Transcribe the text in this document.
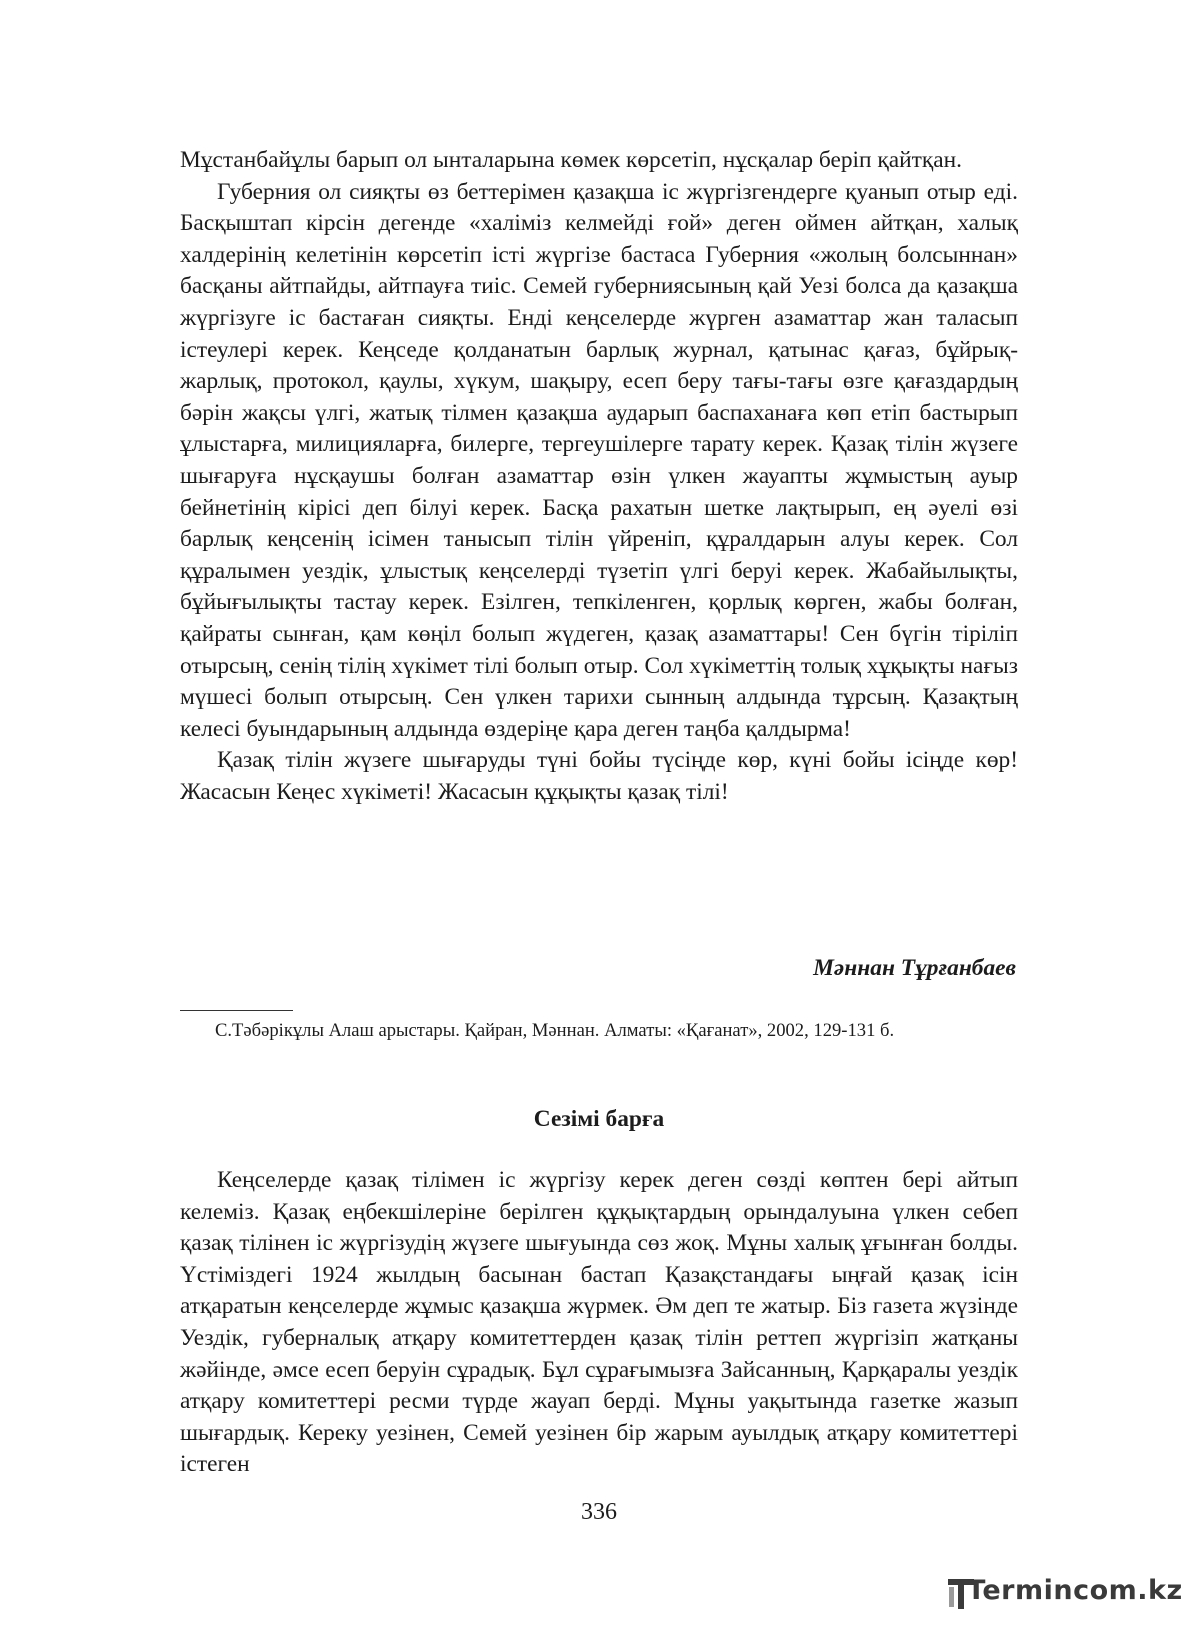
Мұстанбайұлы барып ол ынталарына көмек көрсетіп, нұсқалар беріп қайтқан.

Губерния ол сияқты өз беттерімен қазақша іс жүргізгендерге қуанып отыр еді. Басқыштап кірсін дегенде «халіміз келмейді ғой» деген оймен айтқан, халық халдерінің келетінін көрсетіп істі жүргізе бастаса Губерния «жолың болсыннан» басқаны айтпайды, айтпауға тиіс. Семей губерниясының қай Уезі болса да қазақша жүргізуге іс бастаған сияқты. Енді кеңселерде жүрген азаматтар жан таласып істеулері керек. Кеңседе қолданатын барлық журнал, қатынас қағаз, бұйрық-жарлық, протокол, қаулы, хүкум, шақыру, есеп беру тағы-тағы өзге қағаздардың бәрін жақсы үлгі, жатық тілмен қазақша аударып баспаханаға көп етіп бастырып ұлыстарға, милицияларға, билерге, тергеушілерге тарату керек. Қазақ тілін жүзеге шығаруға нұсқаушы болған азаматтар өзін үлкен жауапты жұмыстың ауыр бейнетінің кірісі деп білуі керек. Басқа рахатын шетке лақтырып, ең әуелі өзі барлық кеңсенің ісімен танысып тілін үйреніп, құралдарын алуы керек. Сол құралымен уездік, ұлыстық кеңселерді түзетіп үлгі беруі керек. Жабайылықты, бұйығылықты тастау керек. Езілген, тепкіленген, қорлық көрген, жабы болған, қайраты сынған, қам көңіл болып жүдеген, қазақ азаматтары! Сен бүгін тіріліп отырсың, сенің тілің хүкімет тілі болып отыр. Сол хүкіметтің толық хұқықты нағыз мүшесі болып отырсың. Сен үлкен тарихи сынның алдында тұрсың. Қазақтың келесі буындарының алдында өздеріңе қара деген таңба қалдырма!

Қазақ тілін жүзеге шығаруды түні бойы түсіңде көр, күні бойы ісіңде көр! Жасасын Кеңес хүкіметі! Жасасын құқықты қазақ тілі!

Мәннан Тұрғанбаев
С.Тәбәрікұлы Алаш арыстары. Қайран, Мәннан. Алматы: «Қағанат», 2002, 129-131 б.
Сезімі барға

Кеңселерде қазақ тілімен іс жүргізу керек деген сөзді көптен бері айтып келеміз. Қазақ еңбекшілеріне берілген құқықтардың орындалуына үлкен себеп қазақ тілінен іс жүргізудің жүзеге шығуында сөз жоқ. Мұны халық ұғынған болды. Үстіміздегі 1924 жылдың басынан бастап Қазақстандағы ыңғай қазақ ісін атқаратын кеңселерде жұмыс қазақша жүрмек. Әм деп те жатыр. Біз газета жүзінде Уездік, губерналық атқару комитеттерден қазақ тілін реттеп жүргізіп жатқаны жәйінде, әмсе есеп беруін сұрадық. Бұл сұрағымызға Зайсанның, Қарқаралы уездік атқару комитеттері ресми түрде жауап берді. Мұны уақытында газетке жазып шығардық. Кереку уезінен, Семей уезінен бір жарым ауылдық атқару комитеттері істеген

336
Termincom.kz
